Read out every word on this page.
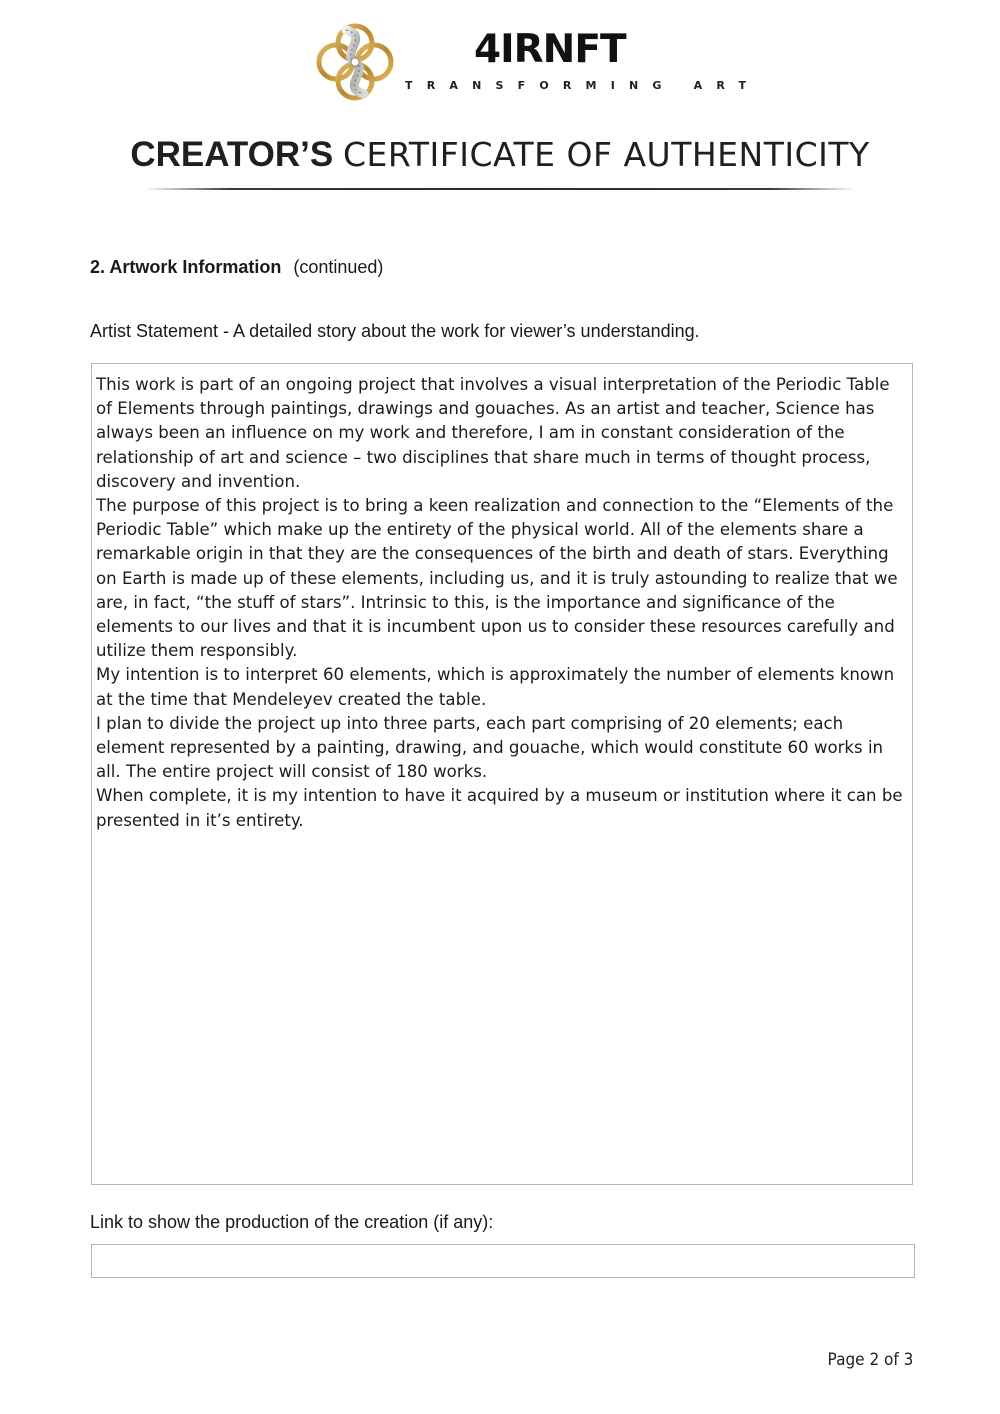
4IRNFT
TRANSFORMING ART
CREATOR’S CERTIFICATE OF AUTHENTICITY
2. Artwork Information (continued)
Artist Statement - A detailed story about the work for viewer’s understanding.

This work is part of an ongoing project that involves a visual interpretation of the Periodic Table of Elements through paintings, drawings and gouaches. As an artist and teacher, Science has always been an influence on my work and therefore, I am in constant consideration of the relationship of art and science – two disciplines that share much in terms of thought process, discovery and invention.

The purpose of this project is to bring a keen realization and connection to the “Elements of the Periodic Table” which make up the entirety of the physical world. All of the elements share a remarkable origin in that they are the consequences of the birth and death of stars. Everything on Earth is made up of these elements, including us, and it is truly astounding to realize that we are, in fact, “the stuff of stars”. Intrinsic to this, is the importance and significance of the elements to our lives and that it is incumbent upon us to consider these resources carefully and utilize them responsibly.

My intention is to interpret 60 elements, which is approximately the number of elements known at the time that Mendeleyev created the table.

I plan to divide the project up into three parts, each part comprising of 20 elements; each element represented by a painting, drawing, and gouache, which would constitute 60 works in all. The entire project will consist of 180 works.

When complete, it is my intention to have it acquired by a museum or institution where it can be presented in it’s entirety.

Link to show the production of the creation (if any):
Page 2 of 3
